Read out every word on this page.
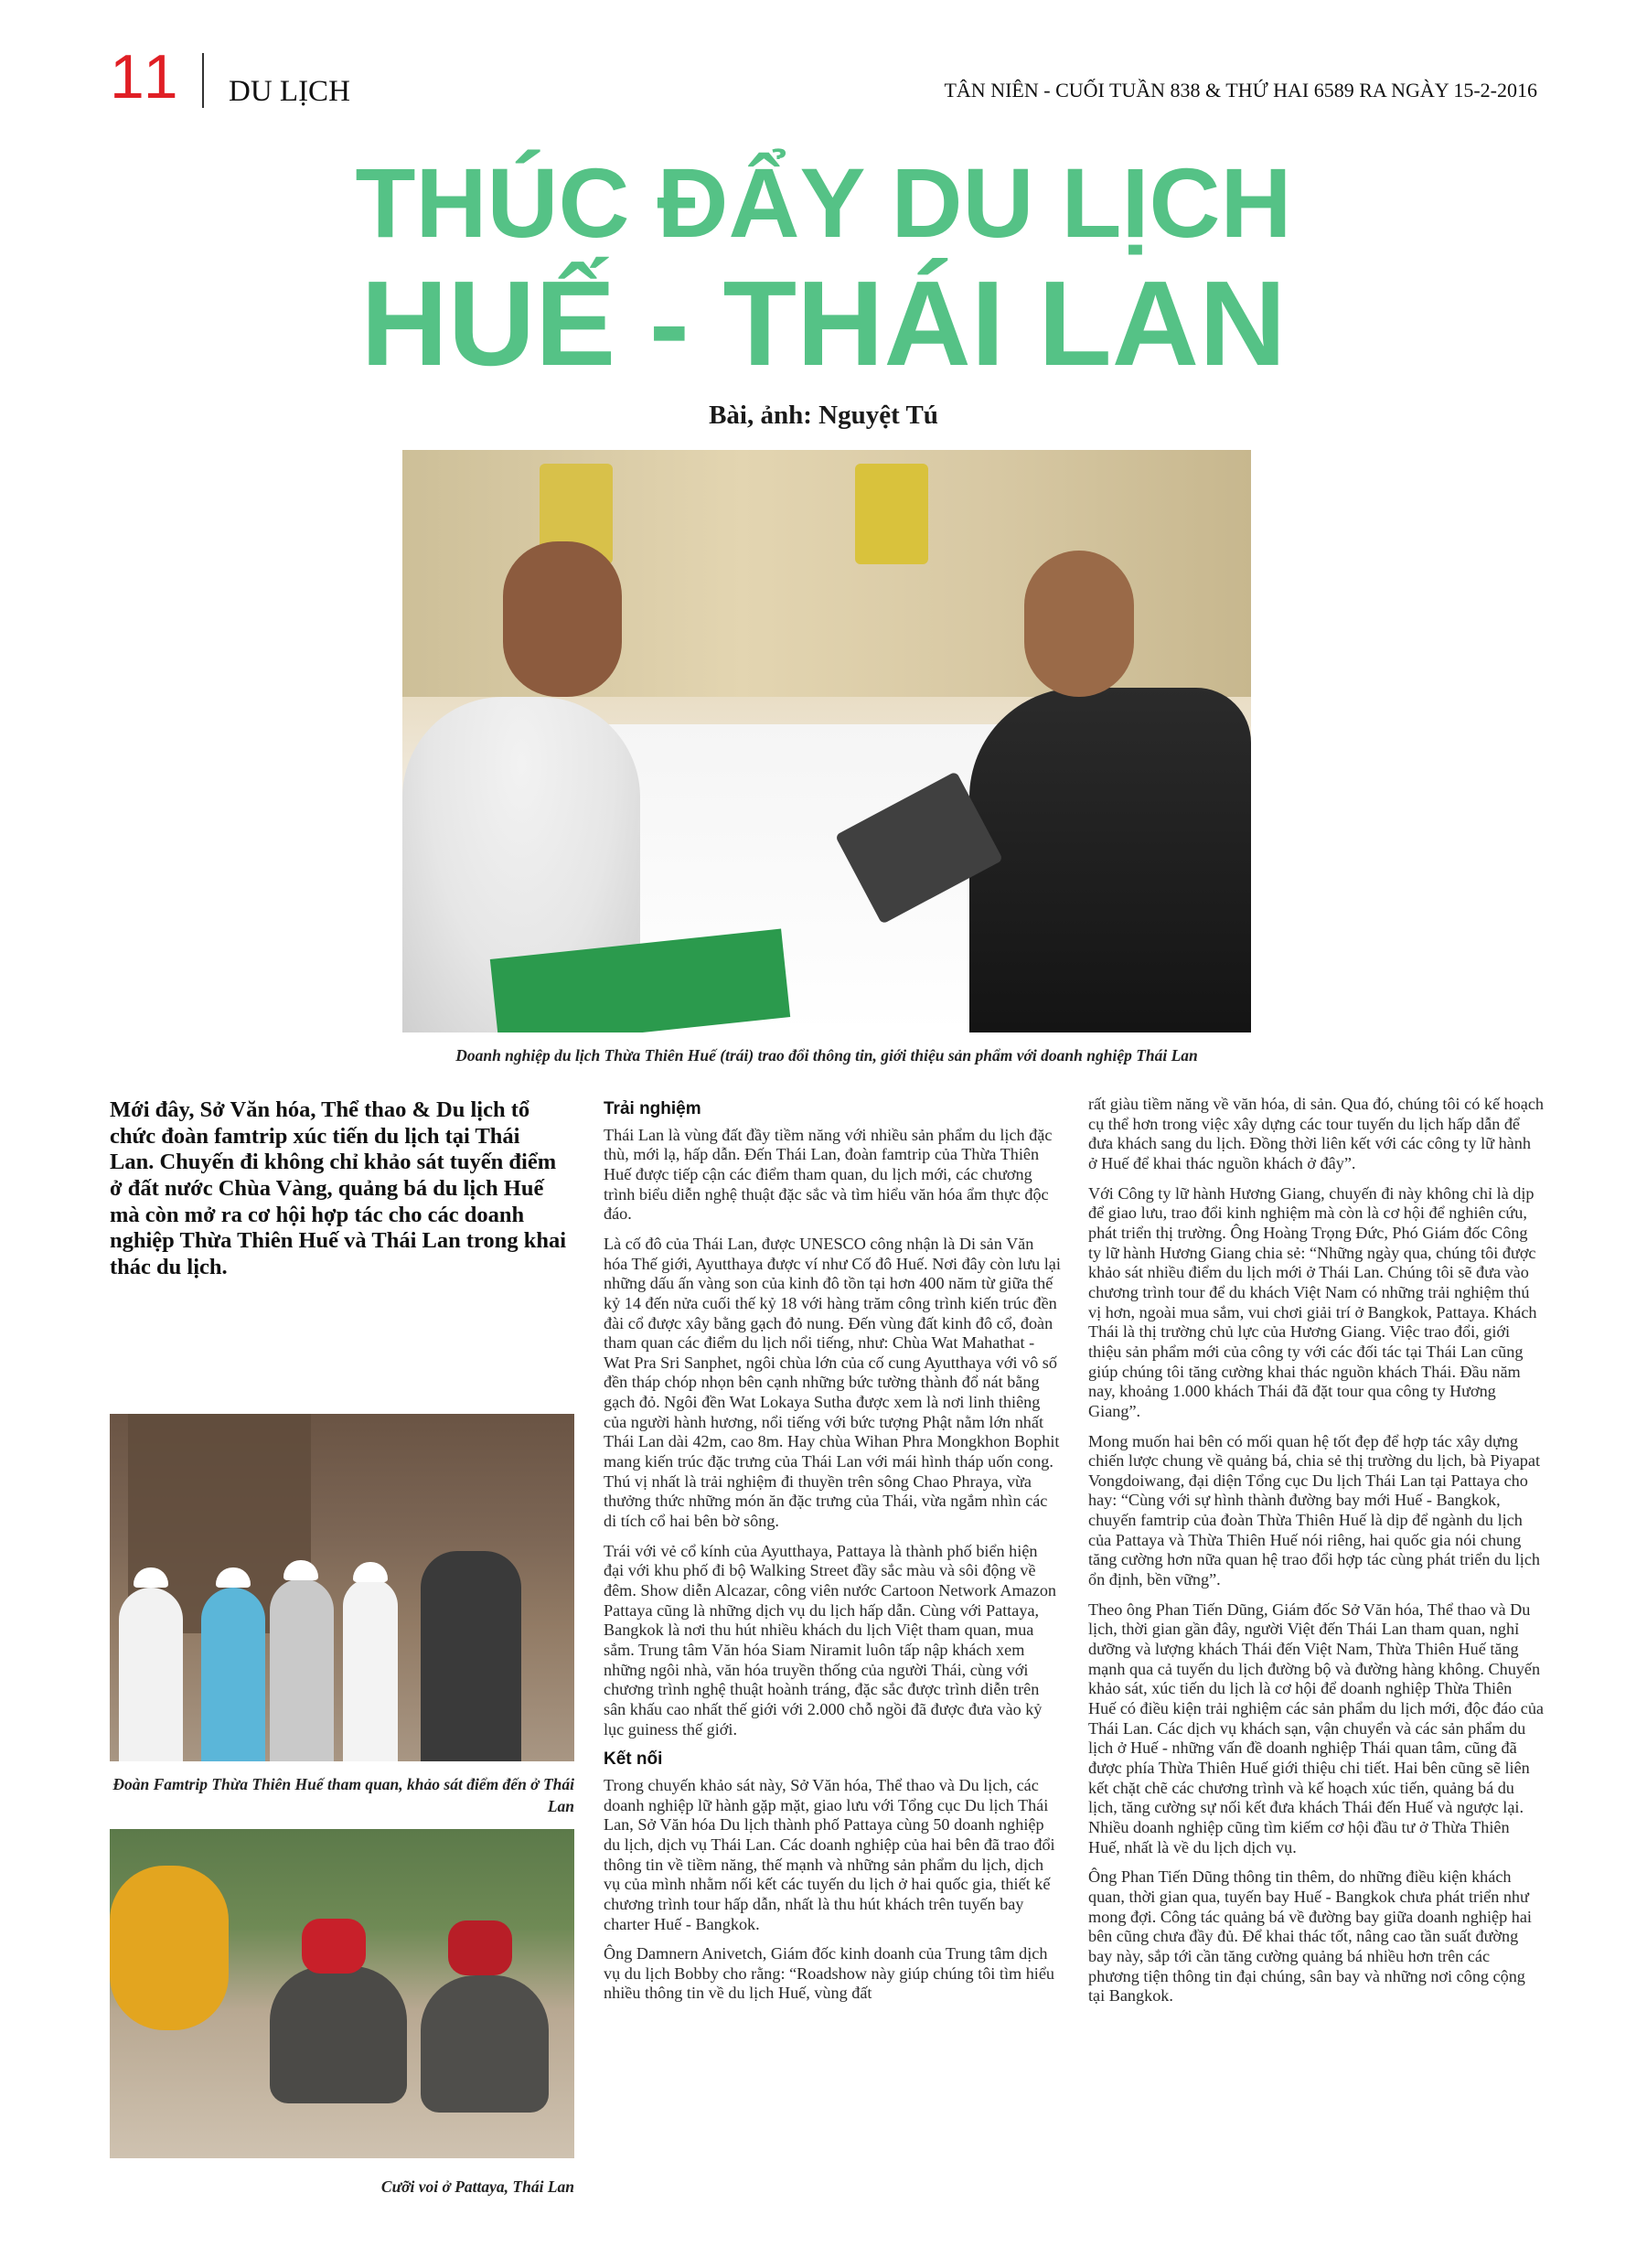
11 DU LỊCH	TÂN NIÊN - CUỐI TUẦN 838 & THỨ HAI 6589 RA NGÀY 15-2-2016
THÚC ĐẨY DU LỊCH
HUẾ - THÁI LAN
Bài, ảnh: Nguyệt Tú
Doanh nghiệp du lịch Thừa Thiên Huế (trái) trao đổi thông tin, giới thiệu sản phẩm với doanh nghiệp Thái Lan
Mới đây, Sở Văn hóa, Thể thao & Du lịch tổ chức đoàn famtrip xúc tiến du lịch tại Thái Lan. Chuyến đi không chỉ khảo sát tuyến điểm ở đất nước Chùa Vàng, quảng bá du lịch Huế mà còn mở ra cơ hội hợp tác cho các doanh nghiệp Thừa Thiên Huế và Thái Lan trong khai thác du lịch.
Đoàn Famtrip Thừa Thiên Huế tham quan, khảo sát điểm đến ở Thái Lan
Cưỡi voi ở Pattaya, Thái Lan
Trải nghiệm

Thái Lan là vùng đất đầy tiềm năng với nhiều sản phẩm du lịch đặc thù, mới lạ, hấp dẫn. Đến Thái Lan, đoàn famtrip của Thừa Thiên Huế được tiếp cận các điểm tham quan, du lịch mới, các chương trình biểu diễn nghệ thuật đặc sắc và tìm hiểu văn hóa ẩm thực độc đáo.

Là cố đô của Thái Lan, được UNESCO công nhận là Di sản Văn hóa Thế giới, Ayutthaya được ví như Cố đô Huế. Nơi đây còn lưu lại những dấu ấn vàng son của kinh đô tồn tại hơn 400 năm từ giữa thế kỷ 14 đến nửa cuối thế kỷ 18 với hàng trăm công trình kiến trúc đền đài cổ được xây bằng gạch đỏ nung. Đến vùng đất kinh đô cổ, đoàn tham quan các điểm du lịch nổi tiếng, như: Chùa Wat Mahathat - Wat Pra Sri Sanphet, ngôi chùa lớn của cố cung Ayutthaya với vô số đền tháp chóp nhọn bên cạnh những bức tường thành đổ nát bằng gạch đỏ. Ngôi đền Wat Lokaya Sutha được xem là nơi linh thiêng của người hành hương, nổi tiếng với bức tượng Phật nằm lớn nhất Thái Lan dài 42m, cao 8m. Hay chùa Wihan Phra Mongkhon Bophit mang kiến trúc đặc trưng của Thái Lan với mái hình tháp uốn cong. Thú vị nhất là trải nghiệm đi thuyền trên sông Chao Phraya, vừa thưởng thức những món ăn đặc trưng của Thái, vừa ngắm nhìn các di tích cổ hai bên bờ sông.

Trái với vẻ cổ kính của Ayutthaya, Pattaya là thành phố biển hiện đại với khu phố đi bộ Walking Street đầy sắc màu và sôi động về đêm. Show diễn Alcazar, công viên nước Cartoon Network Amazon Pattaya cũng là những dịch vụ du lịch hấp dẫn. Cùng với Pattaya, Bangkok là nơi thu hút nhiều khách du lịch Việt tham quan, mua sắm. Trung tâm Văn hóa Siam Niramit luôn tấp nập khách xem những ngôi nhà, văn hóa truyền thống của người Thái, cùng với chương trình nghệ thuật hoành tráng, đặc sắc được trình diễn trên sân khấu cao nhất thế giới với 2.000 chỗ ngồi đã được đưa vào kỷ lục guiness thế giới.

Kết nối

Trong chuyến khảo sát này, Sở Văn hóa, Thể thao và Du lịch, các doanh nghiệp lữ hành gặp mặt, giao lưu với Tổng cục Du lịch Thái Lan, Sở Văn hóa Du lịch thành phố Pattaya cùng 50 doanh nghiệp du lịch, dịch vụ Thái Lan. Các doanh nghiệp của hai bên đã trao đổi thông tin về tiềm năng, thế mạnh và những sản phẩm du lịch, dịch vụ của mình nhằm nối kết các tuyến du lịch ở hai quốc gia, thiết kế chương trình tour hấp dẫn, nhất là thu hút khách trên tuyến bay charter Huế - Bangkok.

Ông Damnern Anivetch, Giám đốc kinh doanh của Trung tâm dịch vụ du lịch Bobby cho rằng: “Roadshow này giúp chúng tôi tìm hiểu nhiều thông tin về du lịch Huế, vùng đất

rất giàu tiềm năng về văn hóa, di sản. Qua đó, chúng tôi có kế hoạch cụ thể hơn trong việc xây dựng các tour tuyến du lịch hấp dẫn để đưa khách sang du lịch. Đồng thời liên kết với các công ty lữ hành ở Huế để khai thác nguồn khách ở đây”.

Với Công ty lữ hành Hương Giang, chuyến đi này không chỉ là dịp để giao lưu, trao đổi kinh nghiệm mà còn là cơ hội để nghiên cứu, phát triển thị trường. Ông Hoàng Trọng Đức, Phó Giám đốc Công ty lữ hành Hương Giang chia sẻ: “Những ngày qua, chúng tôi được khảo sát nhiều điểm du lịch mới ở Thái Lan. Chúng tôi sẽ đưa vào chương trình tour để du khách Việt Nam có những trải nghiệm thú vị hơn, ngoài mua sắm, vui chơi giải trí ở Bangkok, Pattaya. Khách Thái là thị trường chủ lực của Hương Giang. Việc trao đổi, giới thiệu sản phẩm mới của công ty với các đối tác tại Thái Lan cũng giúp chúng tôi tăng cường khai thác nguồn khách Thái. Đầu năm nay, khoảng 1.000 khách Thái đã đặt tour qua công ty Hương Giang”.

Mong muốn hai bên có mối quan hệ tốt đẹp để hợp tác xây dựng chiến lược chung về quảng bá, chia sẻ thị trường du lịch, bà Piyapat Vongdoiwang, đại diện Tổng cục Du lịch Thái Lan tại Pattaya cho hay: “Cùng với sự hình thành đường bay mới Huế - Bangkok, chuyến famtrip của đoàn Thừa Thiên Huế là dịp để ngành du lịch của Pattaya và Thừa Thiên Huế nói riêng, hai quốc gia nói chung tăng cường hơn nữa quan hệ trao đổi hợp tác cùng phát triển du lịch ổn định, bền vững”.

Theo ông Phan Tiến Dũng, Giám đốc Sở Văn hóa, Thể thao và Du lịch, thời gian gần đây, người Việt đến Thái Lan tham quan, nghỉ dưỡng và lượng khách Thái đến Việt Nam, Thừa Thiên Huế tăng mạnh qua cả tuyến du lịch đường bộ và đường hàng không. Chuyến khảo sát, xúc tiến du lịch là cơ hội để doanh nghiệp Thừa Thiên Huế có điều kiện trải nghiệm các sản phẩm du lịch mới, độc đáo của Thái Lan. Các dịch vụ khách sạn, vận chuyển và các sản phẩm du lịch ở Huế - những vấn đề doanh nghiệp Thái quan tâm, cũng đã được phía Thừa Thiên Huế giới thiệu chi tiết. Hai bên cũng sẽ liên kết chặt chẽ các chương trình và kế hoạch xúc tiến, quảng bá du lịch, tăng cường sự nối kết đưa khách Thái đến Huế và ngược lại. Nhiều doanh nghiệp cũng tìm kiếm cơ hội đầu tư ở Thừa Thiên Huế, nhất là về du lịch dịch vụ.

Ông Phan Tiến Dũng thông tin thêm, do những điều kiện khách quan, thời gian qua, tuyến bay Huế - Bangkok chưa phát triển như mong đợi. Công tác quảng bá về đường bay giữa doanh nghiệp hai bên cũng chưa đầy đủ. Để khai thác tốt, nâng cao tần suất đường bay này, sắp tới cần tăng cường quảng bá nhiều hơn trên các phương tiện thông tin đại chúng, sân bay và những nơi công cộng tại Bangkok.
